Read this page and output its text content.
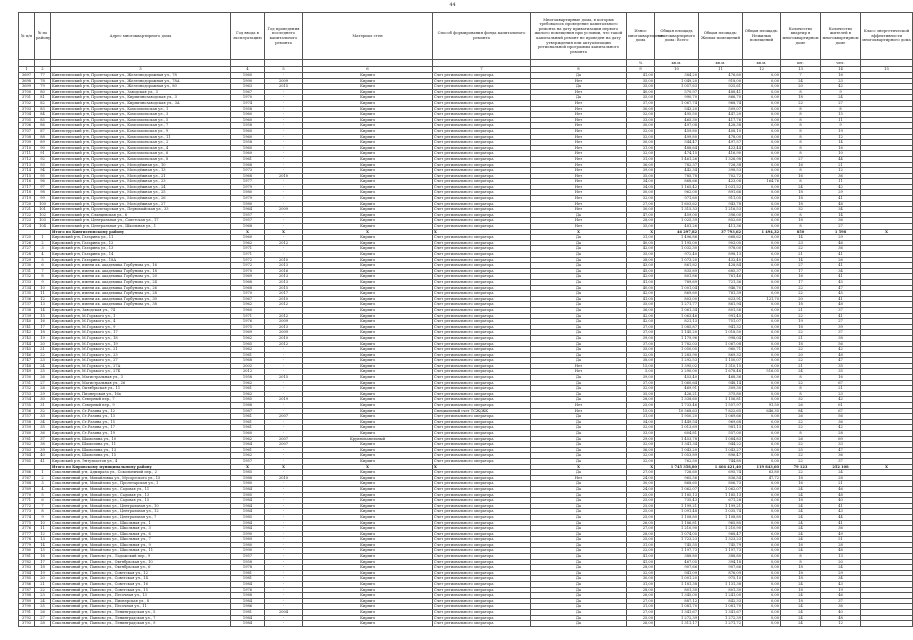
44
№ п/п	№ по району	Адрес многоквартирного дома	Год ввода в эксплуатацию	Год проведения последнего капитального ремонта	Материал стен	Способ формирования фонда капитального ремонта	Многоквартирные дома, в которых требовалось проведение капитального ремонта на дату приватизации первого жилого помещения при условии, что такой капитальный ремонт не проведен на дату утверждения или актуализации региональной программы капитального ремонта	Износ многоквартирного дома	Общая площадь многоквартирного дома: Всего	Общая площадь: Жилых помещений	Общая площадь: Нежилых помещений	Количество квартир в многоквартирном доме	Количество жителей в многоквартирном доме	Класс энергетической эффективности многоквартирного дома
								%	кв.м.	кв.м.	кв.м.	шт.	чел.	
1	2	3	4	5	6	7	8	9	10	11	12	13	14	15
3697	77	Кингисеппский р-н, Пролетарская ул., Железнодорожная ул., 78	1960	-	Кирпич	Счет регионального оператора	Да	41,00	384,20	476,60	0,00	7	16	
3698	78	Кингисеппский р-н, Пролетарская ул., Железнодорожная ул., 78А	1990	2009	Кирпич	Счет регионального оператора	Нет	35,00	1 049,20	918,00	0,00	24	23	
3699	79	Кингисеппский р-н, Пролетарская ул., Железнодорожная ул., 80	1963	2015	Кирпич	Счет регионального оператора	Да	35,00	1 057,63	925,61	0,00	20	42	
3700	80	Кингисеппский р-н, Пролетарская ул., Заводская ул., 3	1967	-	Кирпич	Счет регионального оператора	Нет	40,00	570,97	488,41	0,00	8	9	
3701	81	Кингисеппский р-н, Пролетарская ул., Кирпичнозаводская ул., 3	1970	-	Кирпич	Счет регионального оператора	Да	35,00	990,70	866,70	0,00	18	24	
3702	82	Кингисеппский р-н, Пролетарская ул., Кирпичнозаводская ул., 3А	1974	-	Кирпич	Счет регионального оператора	Нет	37,00	1 067,74	968,74	0,00	22	27	
3703	83	Кингисеппский р-н, Пролетарская ул., Комсомольская ул., 1	1958	-	Кирпич	Счет регионального оператора	Нет	30,00	543,20	509,07	0,00	8	8	
3704	84	Кингисеппский р-н, Пролетарская ул., Комсомольская ул., 3	1960	-	Кирпич	Счет регионального оператора	Нет	32,00	495,50	447,20	0,00	8	15	
3705	85	Кингисеппский р-н, Пролетарская ул., Комсомольская ул., 5	1960	-	Кирпич	Счет регионального оператора	Нет	33,00	465,30	417,76	0,00	8	11	
3706	86	Кингисеппский р-н, Пролетарская ул., Комсомольская ул., 7	1958	-	Кирпич	Счет регионального оператора	Нет	30,00	497,08	428,38	0,00	8	9	
3707	87	Кингисеppский р-н, Пролетарская ул., Комсомольская ул., 9	1960	-	Кирпич	Счет регионального оператора	Нет	32,00	459,80	408,10	0,00	8	19	
3708	88	Кингисеппский р-н, Пролетарская ул., Комсомольская ул., 11	1960	-	Кирпич	Счет регионального оператора	Нет	32,00	499,80	478,00	0,00	8	12	
3709	89	Кингисеппский р-н, Пролетарская ул., Комсомольская ул., 2	1958	-	Кирпич	Счет регионального оператора	Нет	30,00	544,47	497,57	0,00	8	14	
3710	90	Кингисеппский р-н, Пролетарская ул., Комсомольская ул., 4	1960	-	Кирпич	Счет регионального оператора	Нет	31,00	488,64	423,44	0,00	8	16	
3711	91	Кингисеппский р-н, Пролетарская ул., Комсомольская ул., 6	1960	-	Кирпич	Счет регионального оператора	Нет	32,00	474,15	416,90	0,00	8	10	
3712	92	Кингисеппский р-н, Пролетарская ул., Комсомольская ул., 8	1961	-	Кирпич	Счет регионального оператора	Нет	31,00	1 461,26	1 326,98	0,00	27	44	
3713	93	Кингисеппский р-н, Пролетарская ул., Молодёжная ул., 10	1968	-	Кирпич	Счет регионального оператора	Нет	36,00	782,37	728,38	0,00	16	21	
3714	94	Кингисеппский р-н, Пролетарская ул., Молодёжная ул., 13	1973	-	Кирпич	Счет регионального оператора	Нет	39,00	442,34	398,53	0,00	8	12	
3715	95	Кингисеппский р-н, Пролетарская ул., Молодёжная ул., 21	1968	2010	Кирпич	Счет регионального оператора	Нет	35,00	785,78	702,72	0,00	16	36	
3716	96	Кингисеппский р-н, Пролетарская ул., Молодёжная ул., 23	1977	-	Кирпич	Счет регионального оператора	Нет	34,00	868,66	423,08	164,76	8	11	
3717	97	Кингисеппский р-н, Пролетарская ул., Молодёжная ул., 24	1979	-	Кирпич	Счет регионального оператора	Нет	34,00	1 165,42	1 031,52	0,00	24	42	
3718	98	Кингисеппский р-н, Пролетарская ул., Молодёжная ул., 25	1980	-	Кирпич	Счет регионального оператора	Нет	30,00	962,00	891,66	0,00	18	29	
3719	99	Кингисеппский р-н, Пролетарская ул., Молодёжная ул., 26	1979	-	Кирпич	Счет регионального оператора	Нет	32,00	971,60	911,05	0,00	18	41	
3720	100	Кингисеппский р-н, Пролетарская ул., Молодёжная ул., 27	1980	-	Кирпич	Счет регионального оператора	Нет	27,00	1 603,62	943,78	0,00	18	48	
3721	101	Кингисеппский р-н, Пролетарская ул., Первомайская ул., 33	1964	2009	Кирпич	Счет регионального оператора	Нет	30,00	1 315,33	1 216,53	0,00	32	34	
3722	102	Кингисеппский р-н, Сланцевская ул., 6	1957	-	Кирпич	Счет регионального оператора	Да	47,00	459,00	396,00	0,00	8	14	
3723	103	Кингисеппский р-н, Центральная ул., Советская ул., 17	1957	-	Кирпич	Счет регионального оператора	Нет	28,00	1 025,39	852,60	0,00	18	36	
3724	104	Кингисеппский р-н, Центральная ул., Школьная ул., 1	1968	-	Кирпич	Счет регионального оператора	Нет	35,00	481,26	411,36	0,00	8	27	
		Итого по Кингисеппскому району	X	X	X	X	X	X	46 297,82	37 793,62	1 494,32	850	1 598	X
3725	1	Кировский р-н, Гагарина ул., 11	1960	-	Кирпич	Счет регионального оператора	Да	31,00	1 496,86	668,62	0,00	14	29	
3726	2	Кировский р-н, Гагарина ул., 12	1962	2012	Кирпич	Счет регионального оператора	Да	40,00	1 195,00	903,00	0,00	23	46	
3727	3	Кировский р-н, Гагарина ул., 13	1971	-	Кирпич	Счет регионального оператора	Да	42,00	1 032,30	978,00	0,00	22	36	
3728	4	Кировский р-н, Гагарина ул., 14	1971	-	Кирпич	Счет регионального оператора	Да	35,00	972,40	898,13	0,00	21	41	
3729	5	Кировский р-н, Гагарина ул., 18А	1972	2010	Кирпич	Счет регионального оператора	Да	38,00	1 073,20	432,40	0,00	14	26	
3730	6	Кировский р-н, имени ак. академика Горбунова ул., 16	1972	2013	Кирпич	Счет регионального оператора	Да	43,00	861,82	428,84	0,00	27	41	
3731	7	Кировский р-н, имени ак. академика Горбунова ул., 18	1970	2016	Кирпич	Счет регионального оператора	Да	45,00	835,89	685,37	0,00	17	34	
3732	8	Кировский р-н, имени ак. академика Горбунова ул., 20	1969	2013	Кирпич	Счет регионального оператора	Да	42,00	801,86	761,46	0,00	16	41	
3733	9	Кировский р-н, имени ак. академика Горбунова ул., 24	1968	2013	Кирпич	Счет регионального оператора	Да	41,00	789,69	721,36	0,00	17	45	
3734	10	Кировский р-н, имени ак. академика Горбунова ул., 26	1968	2015	Кирпич	Счет регионального оператора	Да	40,00	1 001,04	946,70	0,00	22	47	
3735	11	Кировский р-н, имени ак. академика Горбунова ул., 28	1970	2017	Кирпич	Счет регионального оператора	Да	42,00	869,60	781,39	0,00	22	45	
3736	12	Кировский р-н, имени ак. академика Горбунова ул., 30	1967	2010	Кирпич	Счет регионального оператора	Да	41,00	803,00	623,91	121,70	20	41	
3737	13	Кировский р-н, имени ак. академика Горбунова ул., 38	1962	2012	Кирпич	Счет регионального оператора	Да	35,00	1 271,77	861,94	0,00	18	48	
3738	14	Кировский р-н, Заводская ул., 74	1960	-	Кирпич	Счет регионального оператора	Да	36,00	1 061,34	801,56	0,00	21	37	
3739	15	Кировский р-н, М.Горького ул., 1	1971	2012	Кирпич	Счет регионального оператора	Да	42,00	1 063,46	991,45	0,00	22	41	
3740	16	Кировский р-н, М.Горького ул., 4	1976	2009	Кирпич	Счет регионального оператора	Да	42,00	821,13	751,07	0,00	19	27	
3741	17	Кировский р-н, М.Горького ул., 9	1975	2013	Кирпич	Счет регионального оператора	Да	37,00	1 085,87	941,32	0,00	18	39	
3742	18	Кировский р-н, М.Горького ул., 17	1969	2009	Кирпич	Счет регионального оператора	Да	37,00	1 145,20	1 018,50	0,00	22	37	
3743	19	Кировский р-н, М.Горького ул., 18	1962	2010	Кирпич	Счет регионального оператора	Да	39,00	1 179,96	998,04	0,00	21	38	
3744	20	Кировский р-н, М.Горького ул., 19	1965	2012	Кирпич	Счет регионального оператора	Да	37,00	1 782,03	1 067,08	0,00	18	56	
3745	21	Кировский р-н, М.Горького ул., 21	1962	-	Кирпич	Счет регионального оператора	Да	35,00	1 050,05	960,71	0,00	22	42	
3746	22	Кировский р-н, М.Горького ул., 23	1961	-	Кирпич	Счет регионального оператора	Да	32,00	1 283,90	869,32	0,00	20	48	
3747	23	Кировский р-н, М.Горького ул., 27	1968	-	Кирпич	Счет регионального оператора	Да	38,00	1 292,53	1 150,07	0,00	22	47	
3748	24	Кировский р-н, М.Горького ул., 27А	2002	-	Кирпич	Счет регионального оператора	Нет	15,00	1 395,02	1 310,15	0,00	21	35	
3749	25	Кировский р-н, М.Горького ул., 27Б	2012	-	Кирпич	Счет регионального оператора	Нет	5,00	2 290,00	1 678,46	516,05	24	35	
3750	26	Кировский р-н, Магистральная ул., 3	1958	2015	Кирпич	Счет регионального оператора	Да	39,00	453,40	468,36	0,00	8	16	
3751	27	Кировский р-н, Магистральная ул., 26	1962	-	Кирпич	Счет регионального оператора	Да	37,00	1 060,64	948,14	0,00	22	67	
3752	28	Кировский р-н, Октябрьская ул., 11	1961	-	Кирпич	Счет регионального оператора	Да	32,00	469,91	309,30	0,00	8	21	
3753	29	Кировский р-н, Пионерская ул., 16а	1962	-	Кирпич	Счет регионального оператора	Да	35,00	426,21	375,80	0,00	8	23	
3754	30	Кировский р-н, Северный пер., 7	1985	2019	Кирпич	Счет регионального оператора	Да	28,00	1 338,60	1 156,81	0,00	32	42	
3755	31	Кировский р-н, Северный пер., 9	1988	-	Кирпич	Счет регионального оператора	Нет	25,00	1 733,46	1 557,97	91,50	26	61	
3756	32	Кировский р-н, Ст.Разина ул., 12	1987	-	Кирпич	Специальный счет ТСЖ/ЖК	Нет	15,00	10 568,63	7 822,65	646,35	84	67	
3757	33	Кировский р-н, Ст.Разина ул., 13	1961	2007	Кирпич	Счет регионального оператора	Да	31,00	1 950,20	1 069,66	0,00	26	56	
3758	34	Кировский р-н, Ст.Разина ул., 15	1961	-	Кирпич	Счет регионального оператора	Да	34,00	1 449,54	969,68	0,00	22	36	
3759	35	Кировский р-н, Ст.Разина ул., 17	1961	-	Кирпич	Счет регионального оператора	Да	32,00	1 013,69	981,13	0,00	22	42	
3760	36	Кировский р-н, Ст.Разина ул., 19	1960	-	Кирпич	Счет регионального оператора	Да	33,00	604,81	557,00	0,00	8	28	
3761	37	Кировский р-н, Шамолина ул., 10	1962	2007	Крупнопанельный	Счет регионального оператора	Да	29,00	1 453,78	1 084,83	0,00	26	69	
3762	38	Кировский р-н, Шамолина ул., 11	1964	2007	Кирпич	Счет регионального оператора	Да	32,00	1 341,34	944,22	0,00	22	33	
3763	39	Кировский р-н, Шамолина ул., 13	1961	-	Кирпич	Счет регионального оператора	Да	36,00	1 043,20	1 043,27	0,00	25	47	
3764	40	Кировский р-н, Шамолина ул., 15	1962	-	Кирпич	Счет регионального оператора	Да	32,00	1 053,89	896,47	0,00	22	36	
3765	41	Кировский р-н, Энтузиастов ул., 4	1957	-	Кирпич	Счет регионального оператора	Да	32,00	762,50	744,80	0,00	22	37	
		Итого по Кировскому муниципальному району	X	X	X	X	X	X	1 745 358,80	1 404 421,40	119 843,60	79 123	252 108	X
3766	1	Сокольничный р-н, Адмирала ул., Сокольничий пер., 2	1985	-	Кирпич	Счет регионального оператора	Да	27,00	726,60	695,74	63,80	22	24	
3767	2	Сокольничный р-н, Михайловка ул., Мусоргского ул., 15	1988	2010	Кирпич	Счет регионального оператора	Нет	24,00	965,56	836,54	47,72	18	28	
3768	3	Сокольничный р-н, Михайлово ул., Пролетарская ул., 1	1980	-	Кирпич	Счет регионального оператора	Да	30,00	868,65	806,73	0,00	16	21	
3769	4	Сокольничный р-н, Михайлово ул., Садовая ул., 11	1984	-	Кирпич	Счет регионального оператора	Да	24,00	1 062,07	1 062,07	0,00	24	46	
3770	5	Сокольничный р-н, Михайлово ул., Садовая ул., 13	1985	-	Кирпич	Счет регионального оператора	Да	25,00	1 185,13	1 185,13	0,00	24	48	
3771	6	Сокольничный р-н, Михайлово ул., Садовая ул., 15	1984	-	Кирпич	Счет регионального оператора	Да	25,00	735,43	671,28	0,00	18	40	
3772	7	Сокольничный р-н, Михайлово ул., Центральная ул., 10	1984	-	Кирпич	Счет регионального оператора	Да	25,00	1 199,21	1 199,21	0,00	24	41	
3773	8	Сокольничный р-н, Михайлово ул., Центральная ул., 12	1984	-	Кирпич	Счет регионального оператора	Да	25,00	1 091,48	1 035,74	0,00	24	43	
3774	9	Сокольничный р-н, Михайлово ул., Центральная ул., 7	1985	-	Кирпич	Счет регионального оператора	Да	25,00	1 108,80	1 108,80	0,00	24	44	
3775	10	Сокольничный р-н, Михайлово ул., Школьная ул., 1	1984	-	Кирпич	Счет регионального оператора	Да	26,00	1 186,81	965,80	0,00	24	41	
3776	11	Сокольничный р-н, Михайлово ул., Школьная ул., 3	1984	-	Кирпич	Счет регионального оператора	Да	27,00	1 210,90	1 210,90	0,00	24	36	
3777	12	Сокольничный р-н, Михайлово ул., Школьная ул., 6	1990	-	Кирпич	Счет регионального оператора	Да	28,00	1 074,05	968,47	0,00	24	49	
3778	13	Сокольничный р-н, Михайлово ул., Школьная ул., 7	1989	-	Кирпич	Счет регионального оператора	Да	25,00	1 723,23	1 323,23	0,00	24	51	
3779	14	Сокольничный р-н, Михайлово ул., Школьная ул., 9	1980	-	Кирпич	Счет регионального оператора	Да	31,00	745,55	745,79	0,00	16	28	
3780	15	Сокольничный р-н, Михайлово ул., Школьная ул., 11	1990	-	Кирпич	Счет регионального оператора	Да	22,00	1 197,73	1 197,73	0,00	24	48	
3781	16	Сокольничный р-н, Павлово ул., Ладожский пер., 9	1957	-	Кирпич	Счет регионального оператора	Да	41,00	388,80	388,80	0,00	8	13	
3782	17	Сокольничный р-н, Павлово ул., Октябрьская ул., 10	1958	-	Кирпич	Счет регионального оператора	Да	41,00	467,05	394,18	0,00	8	20	
3783	18	Сокольничный р-н, Павлово ул., Октябрьская ул., 6	1978	-	Кирпич	Счет регионального оператора	Да	28,00	907,66	907,66	0,00	18	24	
3784	19	Сокольничный р-н, Павлово ул., Советская ул., 12	1981	-	Кирпич	Счет регионального оператора	Да	32,00	941,09	876,09	0,00	18	29	
3785	20	Сокольничный р-н, Павлово ул., Советская ул., 14	1981	-	Кирпич	Счет регионального оператора	Да	30,00	1 001,20	975,10	0,00	18	34	
3786	21	Сокольничный р-н, Павлово ул., Советская ул., 16	1984	-	Кирпич	Счет регионального оператора	Да	31,00	1 181,38	1 131,38	0,00	24	43	
3787	22	Сокольничный р-н, Павлово ул., Советская ул., 15	1976	-	Кирпич	Счет регионального оператора	Да	28,00	801,30	801,30	0,00	18	19	
3788	23	Сокольничный р-н, Павлово ул., Песочная ул., 13	1988	-	Кирпич	Счет регионального оператора	Да	26,00	1 345,00	1 241,00	0,00	24	46	
3789	24	Сокольничный р-н, Павлово ул., Пионерская ул., 8	1984	-	Кирпич	Счет регионального оператора	Да	27,00	887,12	842,33	0,00	18	37	
3790	25	Сокольничный р-н, Павлово ул., Песочная ул., 11	1986	-	Кирпич	Счет регионального оператора	Да	31,00	1 081,70	1 081,70	0,00	24	36	
3791	26	Сокольничный р-н, Павлово ул., Ленинградская ул., 5	1981	2004	Кирпич	Счет регионального оператора	Да	27,00	1 341,67	1 341,67	0,00	24	40	
3792	27	Сокольничный р-н, Павлово ул., Ленинградская ул., 7	1984	-	Кирпич	Счет регионального оператора	Да	25,00	1 272,39	1 272,39	0,00	24	48	
3793	28	Сокольничный р-н, Павлово ул., Ленинградская ул., 9	1984	-	Кирпич	Счет регионального оператора	Да	26,00	1 311,17	1 271,72	0,00	24	12	
